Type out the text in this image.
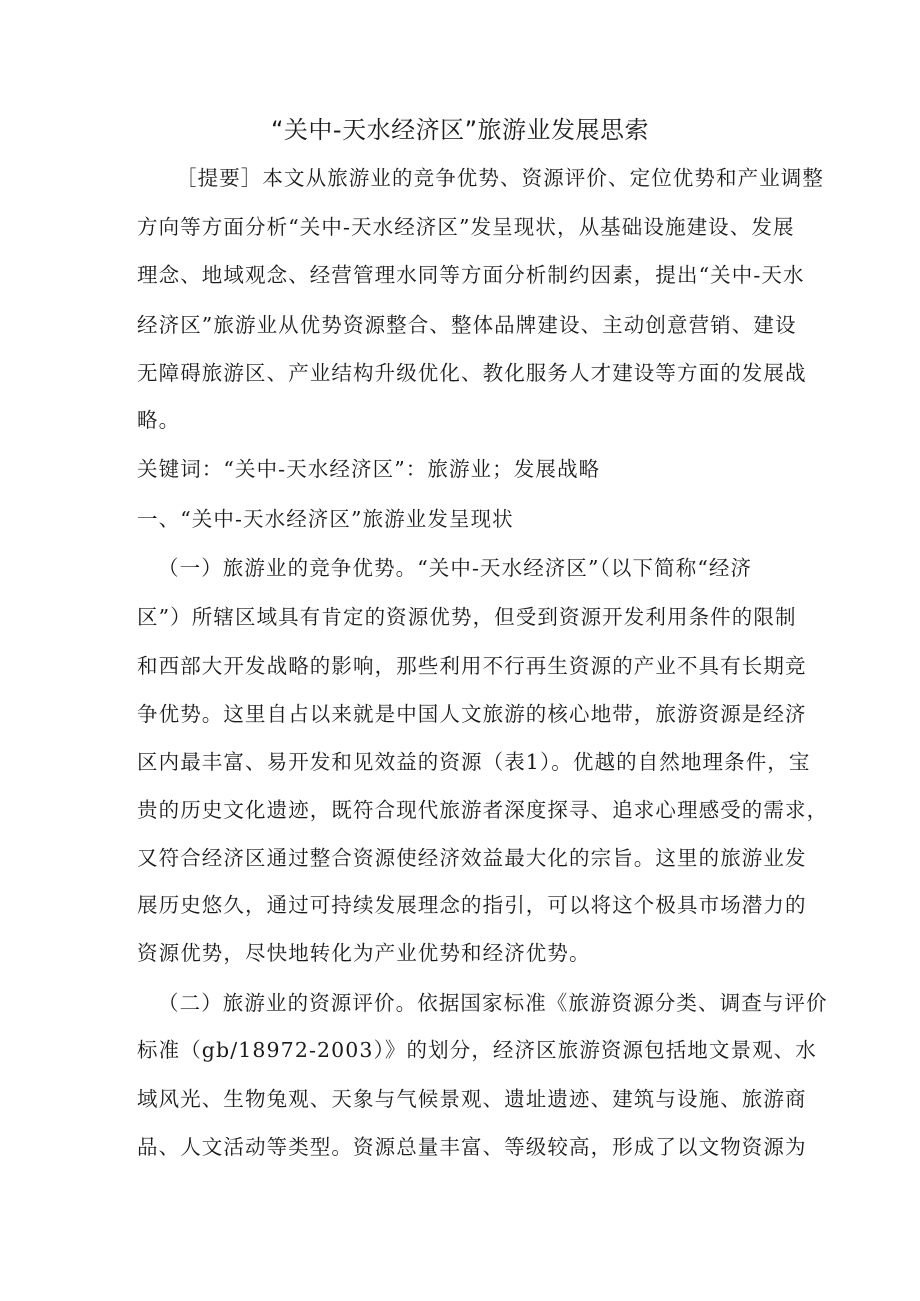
“关中-天水经济区”旅游业发展思索
［提要］本文从旅游业的竞争优势、资源评价、定位优势和产业调整
方向等方面分析“关中-天水经济区”发呈现状，从基础设施建设、发展
理念、地域观念、经营管理水同等方面分析制约因素，提出“关中-天水
经济区”旅游业从优势资源整合、整体品牌建设、主动创意营销、建设
无障碍旅游区、产业结构升级优化、教化服务人才建设等方面的发展战
略。
关键词：“关中-天水经济区”：旅游业；发展战略
一、“关中-天水经济区”旅游业发呈现状
（一）旅游业的竞争优势。“关中-天水经济区”（以下简称“经济
区”）所辖区域具有肯定的资源优势，但受到资源开发利用条件的限制
和西部大开发战略的影响，那些利用不行再生资源的产业不具有长期竞
争优势。这里自占以来就是中国人文旅游的核心地带，旅游资源是经济
区内最丰富、易开发和见效益的资源（表1）。优越的自然地理条件，宝
贵的历史文化遗迹，既符合现代旅游者深度探寻、追求心理感受的需求，
又符合经济区通过整合资源使经济效益最大化的宗旨。这里的旅游业发
展历史悠久，通过可持续发展理念的指引，可以将这个极具市场潜力的
资源优势，尽快地转化为产业优势和经济优势。
（二）旅游业的资源评价。依据国家标准《旅游资源分类、调查与评价
标准（gb/18972-2003）》的划分，经济区旅游资源包括地文景观、水
域风光、生物兔观、天象与气候景观、遗址遗迹、建筑与设施、旅游商
品、人文活动等类型。资源总量丰富、等级较高，形成了以文物资源为
